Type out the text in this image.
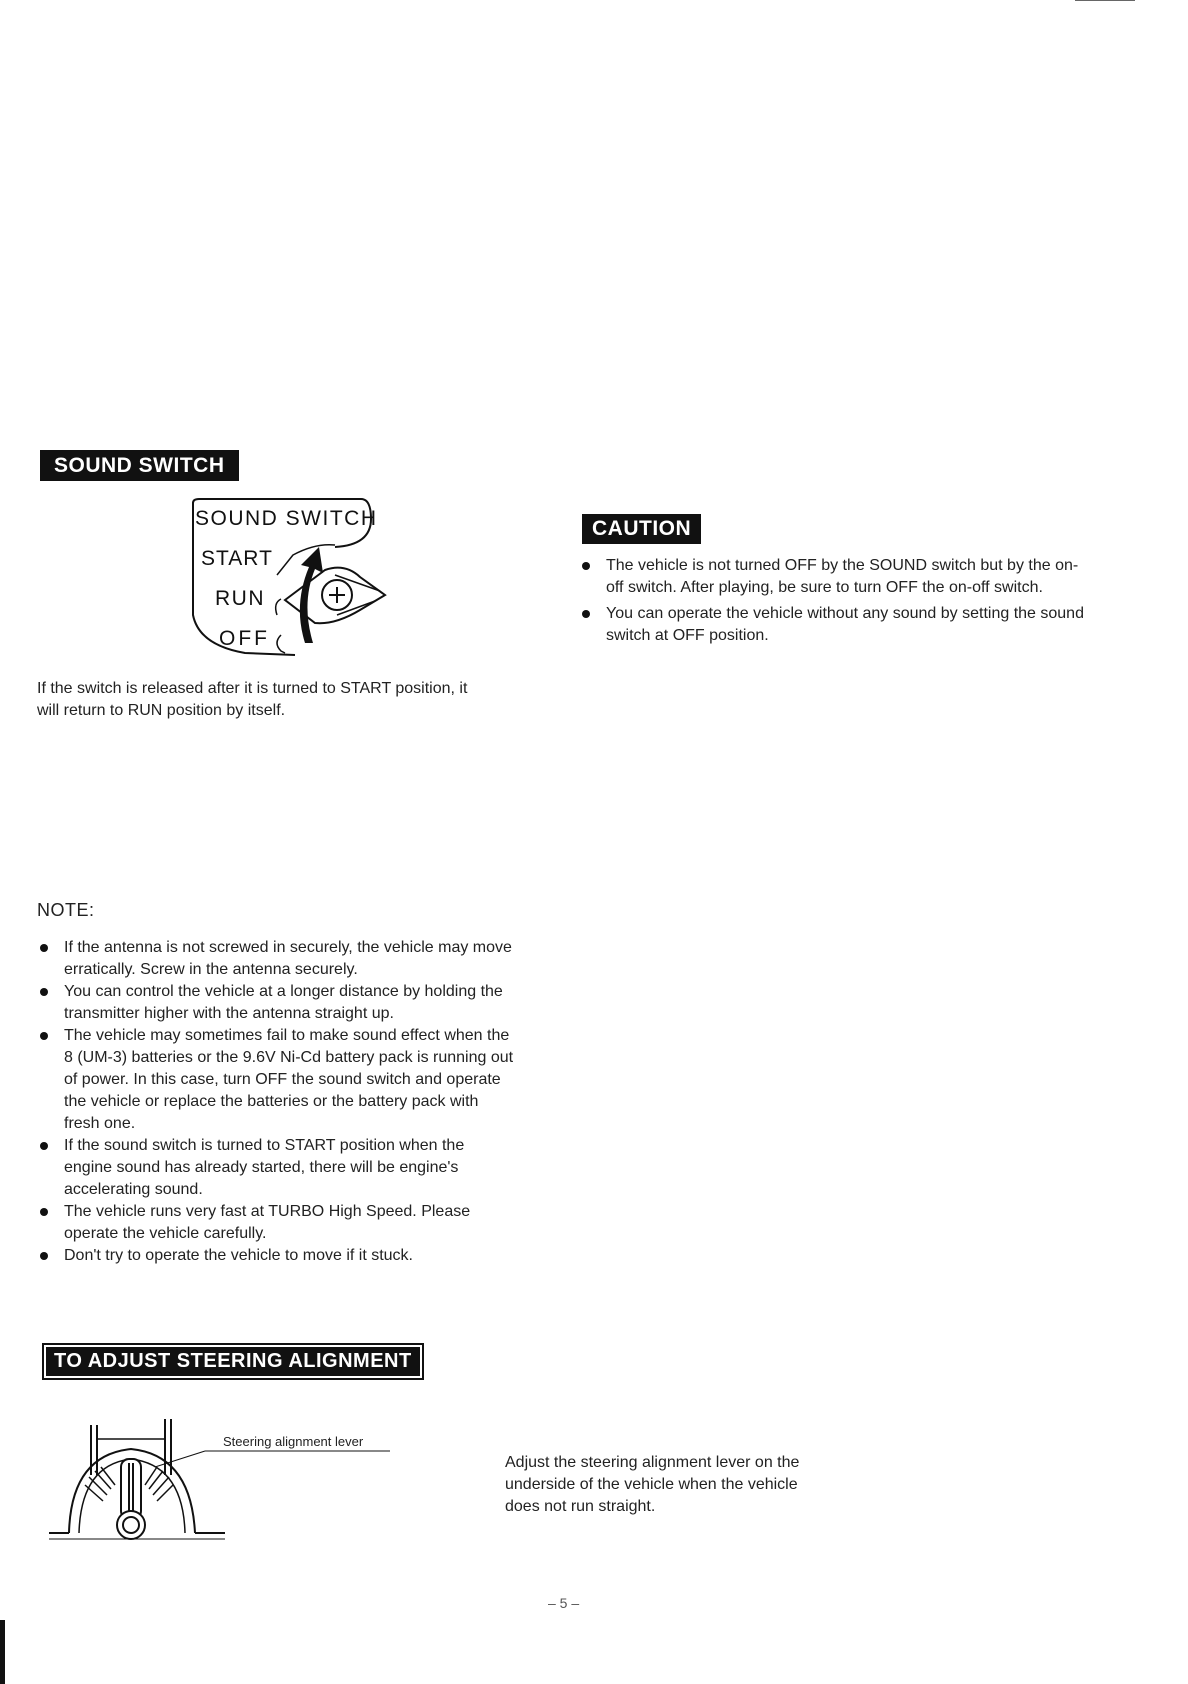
SOUND SWITCH
SOUND SWITCH
START
RUN
OFF
If the switch is released after it is turned to START position, it will return to RUN position by itself.
CAUTION
The vehicle is not turned OFF by the SOUND switch but by the on-off switch. After playing, be sure to turn OFF the on-off switch.
You can operate the vehicle without any sound by setting the sound switch at OFF position.
NOTE:
If the antenna is not screwed in securely, the vehicle may move erratically. Screw in the antenna securely.
You can control the vehicle at a longer distance by holding the transmitter higher with the antenna straight up.
The vehicle may sometimes fail to make sound effect when the 8 (UM-3) batteries or the 9.6V Ni-Cd battery pack is running out of power. In this case, turn OFF the sound switch and operate the vehicle or replace the batteries or the battery pack with fresh one.
If the sound switch is turned to START position when the engine sound has already started, there will be engine's accelerating sound.
The vehicle runs very fast at TURBO High Speed. Please operate the vehicle carefully.
Don't try to operate the vehicle to move if it stuck.
TO ADJUST STEERING ALIGNMENT
Steering alignment lever
Adjust the steering alignment lever on the underside of the vehicle when the vehicle does not run straight.
– 5 –
